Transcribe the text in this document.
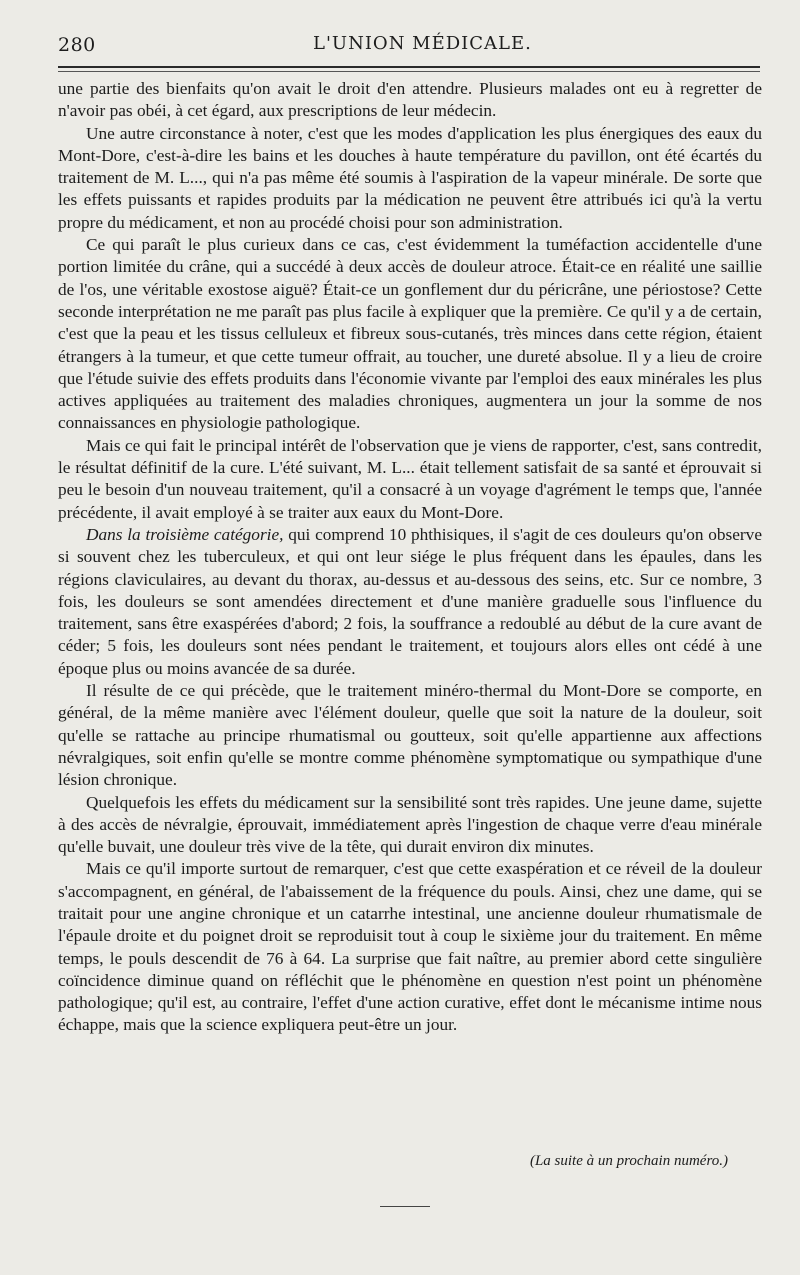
280	L'UNION MÉDICALE.

une partie des bienfaits qu'on avait le droit d'en attendre. Plusieurs malades ont eu à regretter de n'avoir pas obéi, à cet égard, aux prescriptions de leur médecin.

Une autre circonstance à noter, c'est que les modes d'application les plus énergiques des eaux du Mont-Dore, c'est-à-dire les bains et les douches à haute température du pavillon, ont été écartés du traitement de M. L..., qui n'a pas même été soumis à l'aspiration de la vapeur minérale. De sorte que les effets puissants et rapides produits par la médication ne peuvent être attribués ici qu'à la vertu propre du médicament, et non au procédé choisi pour son administration.

Ce qui paraît le plus curieux dans ce cas, c'est évidemment la tuméfaction accidentelle d'une portion limitée du crâne, qui a succédé à deux accès de douleur atroce. Était-ce en réalité une saillie de l'os, une véritable exostose aiguë? Était-ce un gonflement dur du péricrâne, une périostose? Cette seconde interprétation ne me paraît pas plus facile à expliquer que la première. Ce qu'il y a de certain, c'est que la peau et les tissus celluleux et fibreux sous-cutanés, très minces dans cette région, étaient étrangers à la tumeur, et que cette tumeur offrait, au toucher, une dureté absolue. Il y a lieu de croire que l'étude suivie des effets produits dans l'économie vivante par l'emploi des eaux minérales les plus actives appliquées au traitement des maladies chroniques, augmentera un jour la somme de nos connaissances en physiologie pathologique.

Mais ce qui fait le principal intérêt de l'observation que je viens de rapporter, c'est, sans contredit, le résultat définitif de la cure. L'été suivant, M. L... était tellement satisfait de sa santé et éprouvait si peu le besoin d'un nouveau traitement, qu'il a consacré à un voyage d'agrément le temps que, l'année précédente, il avait employé à se traiter aux eaux du Mont-Dore.

Dans la troisième catégorie, qui comprend 10 phthisiques, il s'agit de ces douleurs qu'on observe si souvent chez les tuberculeux, et qui ont leur siége le plus fréquent dans les épaules, dans les régions claviculaires, au devant du thorax, au-dessus et au-dessous des seins, etc. Sur ce nombre, 3 fois, les douleurs se sont amendées directement et d'une manière graduelle sous l'influence du traitement, sans être exaspérées d'abord; 2 fois, la souffrance a redoublé au début de la cure avant de céder; 5 fois, les douleurs sont nées pendant le traitement, et toujours alors elles ont cédé à une époque plus ou moins avancée de sa durée.

Il résulte de ce qui précède, que le traitement minéro-thermal du Mont-Dore se comporte, en général, de la même manière avec l'élément douleur, quelle que soit la nature de la douleur, soit qu'elle se rattache au principe rhumatismal ou goutteux, soit qu'elle appartienne aux affections névralgiques, soit enfin qu'elle se montre comme phénomène symptomatique ou sympathique d'une lésion chronique.

Quelquefois les effets du médicament sur la sensibilité sont très rapides. Une jeune dame, sujette à des accès de névralgie, éprouvait, immédiatement après l'ingestion de chaque verre d'eau minérale qu'elle buvait, une douleur très vive de la tête, qui durait environ dix minutes.

Mais ce qu'il importe surtout de remarquer, c'est que cette exaspération et ce réveil de la douleur s'accompagnent, en général, de l'abaissement de la fréquence du pouls. Ainsi, chez une dame, qui se traitait pour une angine chronique et un catarrhe intestinal, une ancienne douleur rhumatismale de l'épaule droite et du poignet droit se reproduisit tout à coup le sixième jour du traitement. En même temps, le pouls descendit de 76 à 64. La surprise que fait naître, au premier abord cette singulière coïncidence diminue quand on réfléchit que le phénomène en question n'est point un phénomène pathologique; qu'il est, au contraire, l'effet d'une action curative, effet dont le mécanisme intime nous échappe, mais que la science expliquera peut-être un jour.

(La suite à un prochain numéro.)
